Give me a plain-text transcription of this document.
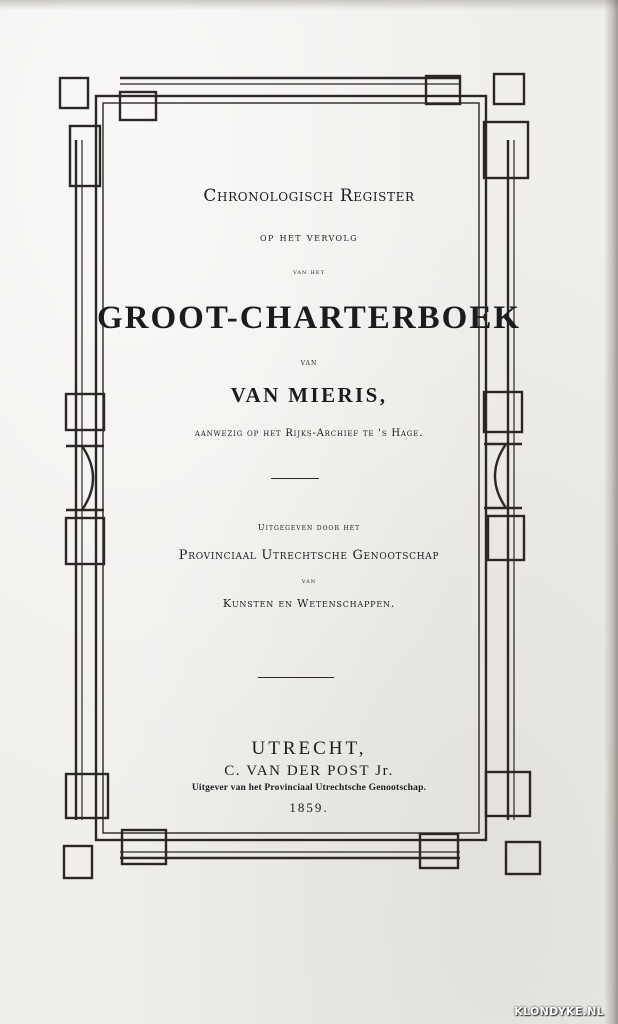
Chronologisch Register
op het vervolg
van het
GROOT-CHARTERBOEK
van
VAN MIERIS,
aanwezig op het Rijks-Archief te 's Hage.
Uitgegeven door het
Provinciaal Utrechtsche Genootschap
van
Kunsten en Wetenschappen.
UTRECHT,
C. VAN DER POST Jr.
Uitgever van het Provinciaal Utrechtsche Genootschap.
1859.
KLONDYKE.NL
